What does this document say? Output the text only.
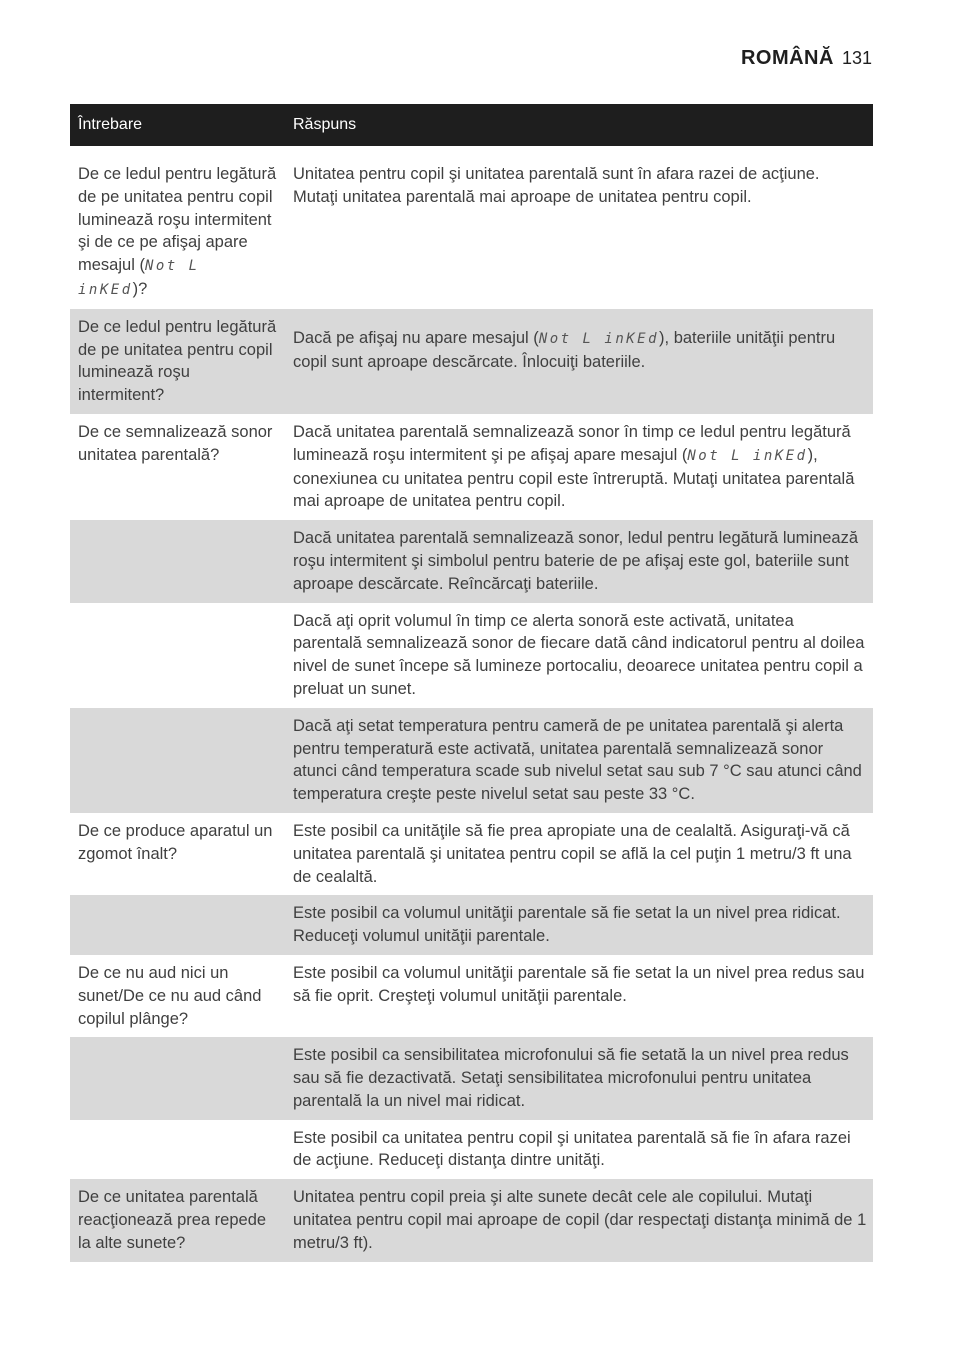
ROMÂNĂ 131
Întrebare	Răspuns

De ce ledul pentru legătură de pe unitatea pentru copil luminează roşu intermitent şi de ce pe afişaj apare mesajul (Not L inKEd)?	Unitatea pentru copil şi unitatea parentală sunt în afara razei de acţiune. Mutaţi unitatea parentală mai aproape de unitatea pentru copil.
De ce ledul pentru legătură de pe unitatea pentru copil luminează roşu intermitent?	Dacă pe afişaj nu apare mesajul (Not L inKEd), bateriile unităţii pentru copil sunt aproape descărcate. Înlocuiţi bateriile.
De ce semnalizează sonor unitatea parentală?	Dacă unitatea parentală semnalizează sonor în timp ce ledul pentru legătură luminează roşu intermitent şi pe afişaj apare mesajul (Not L inKEd), conexiunea cu unitatea pentru copil este întreruptă. Mutaţi unitatea parentală mai aproape de unitatea pentru copil.
	Dacă unitatea parentală semnalizează sonor, ledul pentru legătură luminează roşu intermitent şi simbolul pentru baterie de pe afişaj este gol, bateriile sunt aproape descărcate. Reîncărcaţi bateriile.
	Dacă aţi oprit volumul în timp ce alerta sonoră este activată, unitatea parentală semnalizează sonor de fiecare dată când indicatorul pentru al doilea nivel de sunet începe să lumineze portocaliu, deoarece unitatea pentru copil a preluat un sunet.
	Dacă aţi setat temperatura pentru cameră de pe unitatea parentală şi alerta pentru temperatură este activată, unitatea parentală semnalizează sonor atunci când temperatura scade sub nivelul setat sau sub 7 °C sau atunci când temperatura creşte peste nivelul setat sau peste 33 °C.
De ce produce aparatul un zgomot înalt?	Este posibil ca unităţile să fie prea apropiate una de cealaltă. Asiguraţi-vă că unitatea parentală şi unitatea pentru copil se află la cel puţin 1 metru/3 ft una de cealaltă.
	Este posibil ca volumul unităţii parentale să fie setat la un nivel prea ridicat. Reduceţi volumul unităţii parentale.
De ce nu aud nici un sunet/De ce nu aud când copilul plânge?	Este posibil ca volumul unităţii parentale să fie setat la un nivel prea redus sau să fie oprit. Creşteţi volumul unităţii parentale.
	Este posibil ca sensibilitatea microfonului să fie setată la un nivel prea redus sau să fie dezactivată. Setaţi sensibilitatea microfonului pentru unitatea parentală la un nivel mai ridicat.
	Este posibil ca unitatea pentru copil şi unitatea parentală să fie în afara razei de acţiune. Reduceţi distanţa dintre unităţi.
De ce unitatea parentală reacţionează prea repede la alte sunete?	Unitatea pentru copil preia şi alte sunete decât cele ale copilului. Mutaţi unitatea pentru copil mai aproape de copil (dar respectaţi distanţa minimă de 1 metru/3 ft).
